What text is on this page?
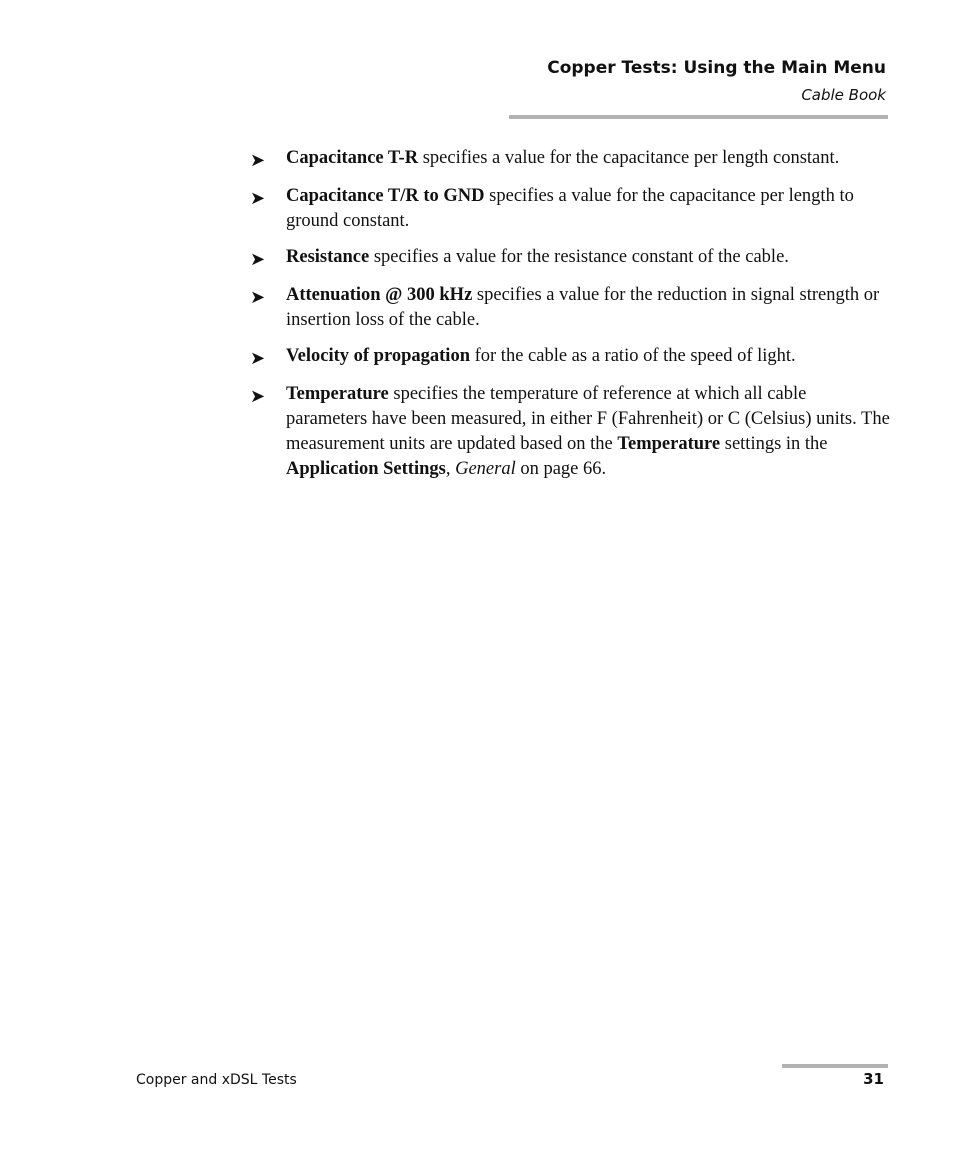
Copper Tests: Using the Main Menu
Cable Book
➤	Capacitance T-R specifies a value for the capacitance per length constant.
➤	Capacitance T/R to GND specifies a value for the capacitance per length to ground constant.
➤	Resistance specifies a value for the resistance constant of the cable.
➤	Attenuation @ 300 kHz specifies a value for the reduction in signal strength or insertion loss of the cable.
➤	Velocity of propagation for the cable as a ratio of the speed of light.
➤	Temperature specifies the temperature of reference at which all cable parameters have been measured, in either F (Fahrenheit) or C (Celsius) units. The measurement units are updated based on the Temperature settings in the Application Settings, General on page 66.
Copper and xDSL Tests	31
